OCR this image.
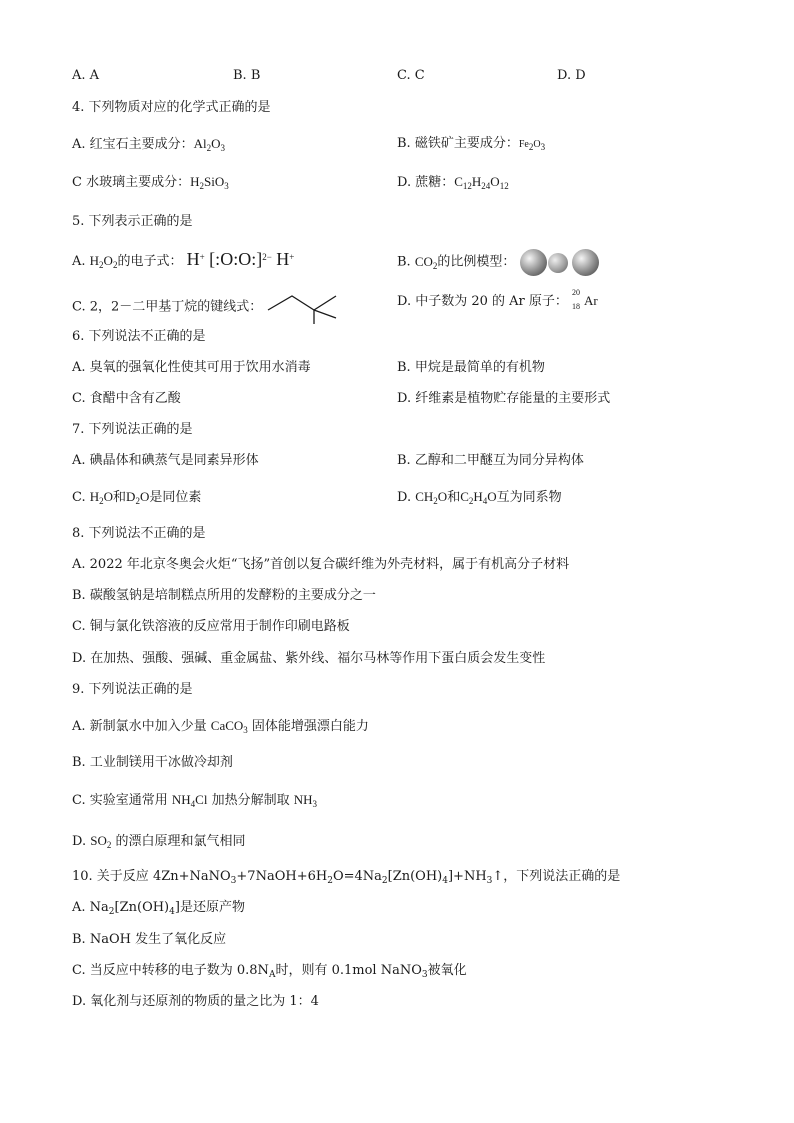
A. A	B. B	C. C	D. D
4. 下列物质对应的化学式正确的是
A. 红宝石主要成分：$Al_2O_3$	B. 磁铁矿主要成分：Fe2O3
C 水玻璃主要成分：$H_2SiO_3$	D. 蔗糖：$C_{12}H_{24}O_{12}$
5. 下列表示正确的是
A. $H_2O_2$的电子式： H+ [:O:O:]$^{2-}$ H+	B. $CO_2$的比例模型：
C. 2，2－二甲基丁烷的键线式：	D. 中子数为 20 的 Ar 原子：
20
18 Ar
6. 下列说法不正确的是
A. 臭氧的强氧化性使其可用于饮用水消毒	B. 甲烷是最简单的有机物
C. 食醋中含有乙酸	D. 纤维素是植物贮存能量的主要形式
7. 下列说法正确的是
A. 碘晶体和碘蒸气是同素异形体	B. 乙醇和二甲醚互为同分异构体
C. $H_2O$和$D_2O$是同位素	D. $CH_2O$和$C_2H_4O$互为同系物
8. 下列说法不正确的是
A. 2022 年北京冬奥会火炬“飞扬”首创以复合碳纤维为外壳材料，属于有机高分子材料
B. 碳酸氢钠是培制糕点所用的发酵粉的主要成分之一
C. 铜与氯化铁溶液的反应常用于制作印刷电路板
D. 在加热、强酸、强碱、重金属盐、紫外线、福尔马林等作用下蛋白质会发生变性
9. 下列说法正确的是
A. 新制氯水中加入少量 CaCO$_3$ 固体能增强漂白能力
B. 工业制镁用干冰做冷却剂
C. 实验室通常用 $NH_4Cl$ 加热分解制取 $NH_3$
D. $SO_2$ 的漂白原理和氯气相同
10. 关于反应 $4Zn+NaNO_3+7NaOH+6H_2O=4Na_2[Zn(OH)_4]+NH_3↑$，下列说法正确的是
A. $Na_2[Zn(OH)_4]$是还原产物
B. NaOH 发生了氧化反应
C. 当反应中转移的电子数为 $0.8N_A$时，则有 0.1mol NaNO$_3$被氧化
D. 氧化剂与还原剂的物质的量之比为 1：4
